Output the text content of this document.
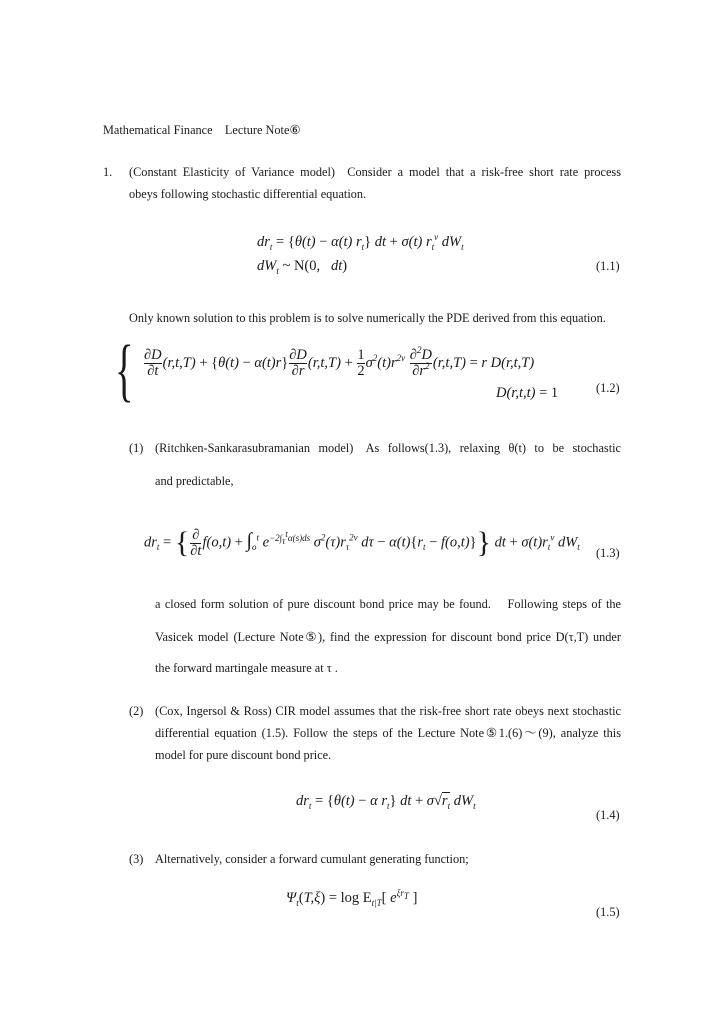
Mathematical Finance Lecture Note⑥

1. (Constant Elasticity of Variance model) Consider a model that a risk-free short rate process

obeys following stochastic differential equation.

$dr_t = \{\theta(t) - \alpha(t)$ $r_t$} dt + σ(t) $r_t^\nu$ $dW_t$
$dW_t$ ~ N(0,   dt)	(1.1)

Only known solution to this problem is to solve numerically the PDE derived from this equation.

{ $\frac{\partial D}{\partial t} (r,t,T) + \{\theta(t) - \alpha(t)r\} \frac{\partial D}{\partial r} (r,t,T) + \frac{1}{2} \sigma^2(t)r^{2\nu} \frac{\partial^2D}{\partial r^2} (r,t,T) = r$ D(r,t,T)
D(r,t,t) = 1	(1.2)

(1) (Ritchken-Sankarasubramanian model) As follows(1.3), relaxing θ(t) to be stochastic

and predictable,

$dr_t$ = { $\frac{\partial}{\partial t} f(o,t) + \int_o^t$ $e^{-2\int_\tau^t\alpha(s)ds}$ $\sigma^2(\tau)r_\tau^{2\nu}$ $d\tau - \alpha(t)\{r_t - f(o,t)\}$} dt + $\sigma(t)r_t^\nu$ $dW_t$ (1.3)

a closed form solution of pure discount bond price may be found.  Following steps of the

Vasicek model (Lecture Note⑤), find the expression for discount bond price D(τ,T) under

the forward martingale measure at τ .

(2) (Cox, Ingersol & Ross) CIR model assumes that the risk-free short rate obeys next stochastic

differential equation (1.5). Follow the steps of the Lecture Note⑤1.(6)～(9), analyze this

model for pure discount bond price.

$dr_t = \{\theta(t) - \alpha$ $r_t$} dt + $\sigma√r_t$ $dW_t$

(1.4)

(3) Alternatively, consider a forward cumulant generating function;

$\Psi_t(T,\xi) = \log E_{t|T}$[ $e^{\xi r_T}$ ]

(1.5)
